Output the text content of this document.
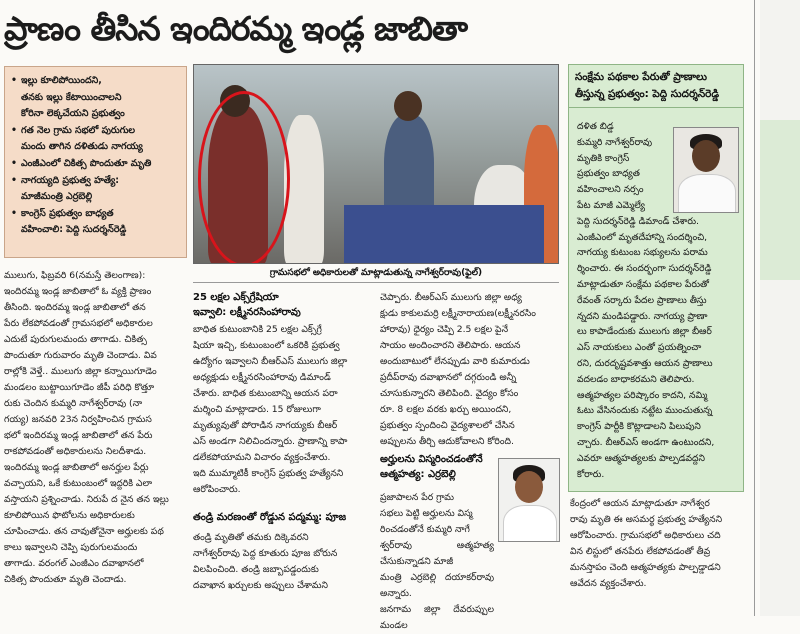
ప్రాణం తీసిన ఇందిరమ్మ ఇండ్ల జాబితా
• ఇల్లు కూలిపోయిందని,
తనకు ఇల్లు కేటాయించాలని
కోరినా లెక్కచేయని ప్రభుత్వం
• గత నెల గ్రామ సభలో పురుగుల
మందు తాగిన దళితుడు నాగయ్య
• ఎంజీఎంలో చికిత్స పొందుతూ మృతి
• నాగయ్యది ప్రభుత్వ హత్యే:
మాజీమంత్రి ఎర్రబెల్లి
• కాంగ్రెస్ ప్రభుత్వం బాధ్యత
వహించాలి: పెద్ది సుదర్శన్‌రెడ్డి
గ్రామసభలో అధికారులతో మాట్లాడుతున్న నాగేశ్వర్‌రావు(ఫైల్)
ములుగు, ఫిబ్రవరి 6(నమస్తే తెలంగాణ):
ఇందిరమ్మ ఇండ్ల జాబితాలో ఓ వ్యక్తి ప్రాణం
తీసింది. ఇందిరమ్మ ఇండ్ల జాబితాలో తన
పేరు లేకపోవడంతో గ్రామసభలో అధికారుల
ఎదుటే పురుగులమందు తాగాడు. చికిత్స
పొందుతూ గురువారం మృతి చెందాడు. వివ
రాల్లోకి వెళ్తే.. ములుగు జిల్లా కన్నాయిగూడెం
మండలం బుట్టాయిగూడెం జీపీ పరిధి కొత్తూ
రుకు చెందిన కుమ్మరి నాగేశ్వర్‌రావు (నా
గయ్య) జనవరి 23న నిర్వహించిన గ్రామస
భలో ఇందిరమ్మ ఇండ్ల జాబితాలో తన పేరు
రాకపోవడంతో అధికారులను నిలదీశాడు.
ఇందిరమ్మ ఇండ్ల జాబితాలో అనర్హుల పేర్లు
వచ్చాయని, ఒకే కుటుంబంలో ఇద్దరికి ఎలా
వస్తాయని ప్రశ్నించాడు. నిరుపే ద నైన తన ఇల్లు
కూలిపోయిన ఫొటోలను అధికారులకు
చూపించాడు. తన చావుతోనైనా అర్హులకు పథ
కాలు ఇవ్వాలని చెప్పి పురుగులమందు
తాగాడు. వరంగల్ ఎంజీఎం దవాఖానలో
చికిత్స పొందుతూ మృతి చెందాడు.
25 లక్షల ఎక్స్‌గ్రేషియా
ఇవ్వాలి: లక్ష్మీనరసింహారావు
బాధిత కుటుంబానికి 25 లక్షల ఎక్స్‌గ్రే
షియా ఇచ్చి, కుటుంబంలో ఒకరికి ప్రభుత్వ
ఉద్యోగం ఇవ్వాలని బీఆర్ఎస్ ములుగు జిల్లా
అధ్యక్షుడు లక్ష్మీనరసింహారావు డిమాండ్
చేశారు. బాధిత కుటుంబాన్ని ఆయన పరా
మర్శించి మాట్లాడారు. 15 రోజులుగా
మృత్యువుతో పోరాడిన నాగయ్యకు బీఆర్
ఎస్ అండగా నిలిచిందన్నారు. ప్రాణాన్ని కాపా
డలేకపోయామని విచారం వ్యక్తంచేశారు.
ఇది ముమ్మాటికీ కాంగ్రెస్ ప్రభుత్వ హత్యేనని
ఆరోపించారు.
తండ్రి మరణంతో రోడ్డున పద్మమ్మ: పూజ
తండ్రి మృతితో తమకు దిక్కెవరని
నాగేశ్వర్‌రావు పెద్ద కూతురు పూజ బోరున
విలపించింది. తండ్రి జబ్బాపడ్డందుకు
దవాఖాన ఖర్చులకు అప్పులు చేశామని
చెప్పారు. బీఆర్ఎస్ ములుగు జిల్లా అధ్య
క్షుడు కాకులమర్రి లక్ష్మీనారాయణ(లక్ష్మీనరసిం
హారావు) ధైర్యం చెప్పి 2.5 లక్షల పైనే
సాయం అందించారని తెలిపారు. ఆయన
అందుబాటులో లేనప్పుడు వారి కుమారుడు
ప్రదీప్‌రావు దవాఖానలో దగ్గరుండి అన్నీ
చూసుకున్నారని తెలిపింది. వైద్యం కోసం
రూ. 8 లక్షల వరకు ఖర్చు అయిందని,
ప్రభుత్వం స్పందించి వైద్యశాలలో చేసిన
అప్పులను తీర్చి ఆదుకోవాలని కోరింది.
అర్హులను విస్మరించడంతోనే
ఆత్మహత్య: ఎర్రబెల్లి
ప్రజాపాలన పేర గ్రామ
సభలు పెట్టి అర్హులను విస్మ
రించడంతోనే కుమ్మరి నాగే
శ్వర్‌రావు ఆత్మహత్య చేసుకున్నాడని మాజీ
మంత్రి ఎర్రబెల్లి దయాకర్‌రావు అన్నారు.
జనగామ జిల్లా దేవరుప్పుల మండల
సంక్షేమ పథకాల పేరుతో ప్రాణాలు
తీస్తున్న ప్రభుత్వం: పెద్ది సుదర్శన్‌రెడ్డి
దళిత బిడ్డ
కుమ్మరి నాగేశ్వర్‌రావు
మృతికి కాంగ్రెస్
ప్రభుత్వం బాధ్యత
వహించాలని నర్సం
పేట మాజీ ఎమ్మెల్యే
పెద్ది సుదర్శన్‌రెడ్డి డిమాండ్ చేశారు.
ఎంజీఎంలో మృతదేహాన్ని సందర్శించి,
నాగయ్య కుటుంబ సభ్యులను పరామ
ర్శించారు. ఈ సందర్భంగా సుదర్శన్‌రెడ్డి
మాట్లాడుతూ సంక్షేమ పథకాల పేరుతో
రేవంత్ సర్కారు పేదల ప్రాణాలు తీస్తు
న్నదని మండిపడ్డారు. నాగయ్య ప్రాణా
లు కాపాడేందుకు ములుగు జిల్లా బీఆర్
ఎస్ నాయకులు ఎంతో ప్రయత్నించా
రని, దురదృష్టవశాత్తు ఆయన ప్రాణాలు
వదలడం బాధాకరమని తెలిపారు.
ఆత్మహత్యల పరిష్కారం కాదని, నమ్మి
ఓటు వేసినందుకు నట్టేట ముంచుతున్న
కాంగ్రెస్ పార్టీకి కొట్లాడాలని పిలుపుని
చ్చారు. బీఆర్ఎస్ అండగా ఉంటుందని,
ఎవరూ ఆత్మహత్యలకు పాల్పడవద్దని
కోరారు.
కేంద్రంలో ఆయన మాట్లాడుతూ నాగేశ్వర
రావు మృతి ఈ అసమర్థ ప్రభుత్వ హత్యేనని
ఆరోపించారు. గ్రామసభలో అధికారులు చది
విన లిస్టులో తనపేరు లేకపోవడంతో తీవ్ర
మనస్తాపం చెంది ఆత్మహత్యకు పాల్పడ్డాడని
ఆవేదన వ్యక్తంచేశారు.
